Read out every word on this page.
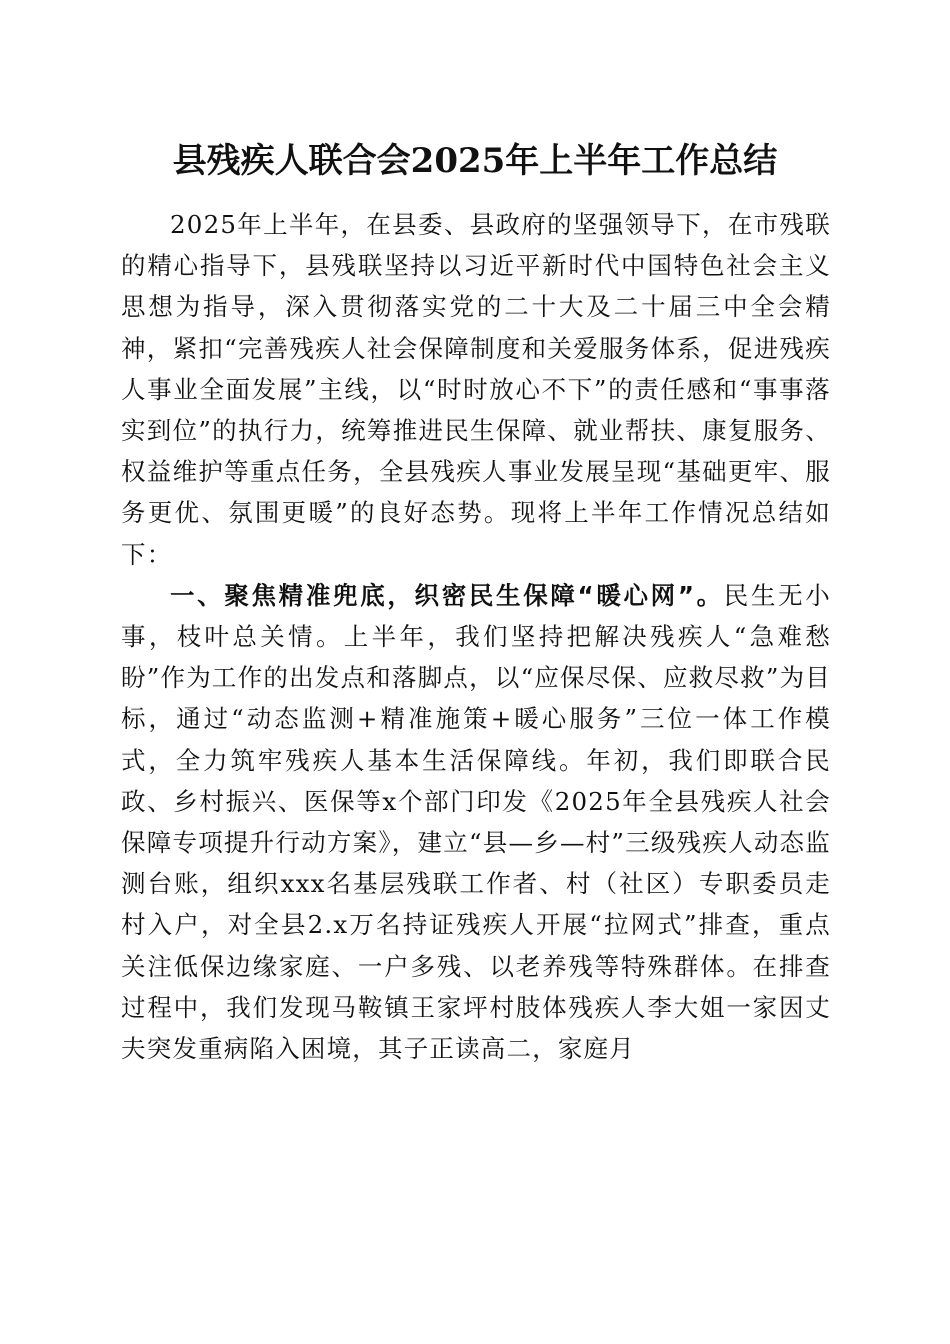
县残疾人联合会2025年上半年工作总结

2025年上半年，在县委、县政府的坚强领导下，在市残联的精心指导下，县残联坚持以习近平新时代中国特色社会主义思想为指导，深入贯彻落实党的二十大及二十届三中全会精神，紧扣“完善残疾人社会保障制度和关爱服务体系，促进残疾人事业全面发展”主线，以“时时放心不下”的责任感和“事事落实到位”的执行力，统筹推进民生保障、就业帮扶、康复服务、权益维护等重点任务，全县残疾人事业发展呈现“基础更牢、服务更优、氛围更暖”的良好态势。现将上半年工作情况总结如下：

一、聚焦精准兜底，织密民生保障“暖心网”。民生无小事，枝叶总关情。上半年，我们坚持把解决残疾人“急难愁盼”作为工作的出发点和落脚点，以“应保尽保、应救尽救”为目标，通过“动态监测+精准施策+暖心服务”三位一体工作模式，全力筑牢残疾人基本生活保障线。年初，我们即联合民政、乡村振兴、医保等x个部门印发《2025年全县残疾人社会保障专项提升行动方案》，建立“县—乡—村”三级残疾人动态监测台账，组织xxx名基层残联工作者、村（社区）专职委员走村入户，对全县2.x万名持证残疾人开展“拉网式”排查，重点关注低保边缘家庭、一户多残、以老养残等特殊群体。在排查过程中，我们发现马鞍镇王家坪村肢体残疾人李大姐一家因丈夫突发重病陷入困境，其子正读高二，家庭月
